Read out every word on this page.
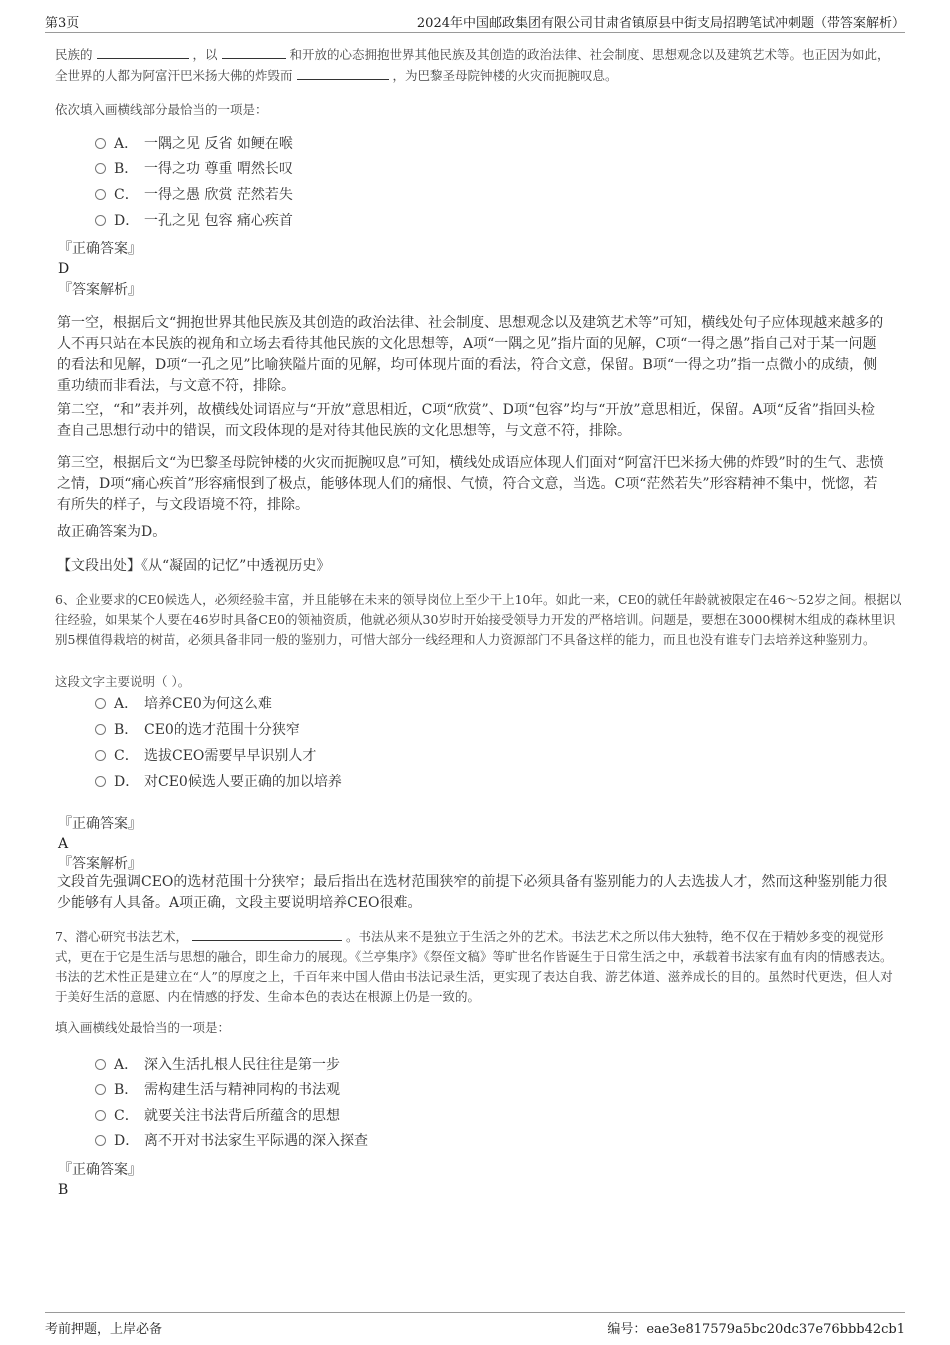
第3页	2024年中国邮政集团有限公司甘肃省镇原县中街支局招聘笔试冲刺题（带答案解析）

民族的	，以	和开放的心态拥抱世界其他民族及其创造的政治法律、社会制度、思想观念以及建筑艺术等。也正因为如此，全世界的人都为阿富汗巴米扬大佛的炸毁而	，为巴黎圣母院钟楼的火灾而扼腕叹息。

依次填入画横线部分最恰当的一项是：

A． 一隅之见 反省 如鲠在喉
B． 一得之功 尊重 喟然长叹
C． 一得之愚 欣赏 茫然若失
D． 一孔之见 包容 痛心疾首
『正确答案』
D
『答案解析』

第一空，根据后文“拥抱世界其他民族及其创造的政治法律、社会制度、思想观念以及建筑艺术等”可知，横线处句子应体现越来越多的人不再只站在本民族的视角和立场去看待其他民族的文化思想等，A项“一隅之见”指片面的见解，C项“一得之愚”指自己对于某一问题的看法和见解，D项“一孔之见”比喻狭隘片面的见解，均可体现片面的看法，符合文意，保留。B项“一得之功”指一点微小的成绩，侧重功绩而非看法，与文意不符，排除。

第二空，“和”表并列，故横线处词语应与“开放”意思相近，C项“欣赏”、D项“包容”均与“开放”意思相近，保留。A项“反省”指回头检查自己思想行动中的错误，而文段体现的是对待其他民族的文化思想等，与文意不符，排除。

第三空，根据后文“为巴黎圣母院钟楼的火灾而扼腕叹息”可知，横线处成语应体现人们面对“阿富汗巴米扬大佛的炸毁”时的生气、悲愤之情，D项“痛心疾首”形容痛恨到了极点，能够体现人们的痛恨、气愤，符合文意，当选。C项“茫然若失”形容精神不集中，恍惚，若有所失的样子，与文段语境不符，排除。

故正确答案为D。

【文段出处】《从“凝固的记忆”中透视历史》

6、企业要求的CE0候选人，必须经验丰富，并且能够在未来的领导岗位上至少干上10年。如此一来，CE0的就任年龄就被限定在46～52岁之间。根据以往经验，如果某个人要在46岁时具备CE0的领袖资质，他就必须从30岁时开始接受领导力开发的严格培训。问题是，要想在3000棵树木组成的森林里识别5棵值得栽培的树苗，必须具备非同一般的鉴别力，可惜大部分一线经理和人力资源部门不具备这样的能力，而且也没有谁专门去培养这种鉴别力。

这段文字主要说明（ ）。

A． 培养CE0为何这么难
B． CE0的选才范围十分狭窄
C． 选拔CEO需要早早识别人才
D． 对CE0候选人要正确的加以培养
『正确答案』
A
『答案解析』

文段首先强调CEO的选材范围十分狭窄；最后指出在选材范围狭窄的前提下必须具备有鉴别能力的人去选拔人才，然而这种鉴别能力很少能够有人具备。A项正确，文段主要说明培养CEO很难。

7、潜心研究书法艺术，	。书法从来不是独立于生活之外的艺术。书法艺术之所以伟大独特，绝不仅在于精妙多变的视觉形式，更在于它是生活与思想的融合，即生命力的展现。《兰亭集序》《祭侄文稿》等旷世名作皆诞生于日常生活之中，承载着书法家有血有肉的情感表达。书法的艺术性正是建立在“人”的厚度之上，千百年来中国人借由书法记录生活，更实现了表达自我、游艺体道、滋养成长的目的。虽然时代更迭，但人对于美好生活的意愿、内在情感的抒发、生命本色的表达在根源上仍是一致的。

填入画横线处最恰当的一项是：

A． 深入生活扎根人民往往是第一步
B． 需构建生活与精神同构的书法观
C． 就要关注书法背后所蕴含的思想
D． 离不开对书法家生平际遇的深入探查
『正确答案』
B
考前押题，上岸必备	编号：eae3e817579a5bc20dc37e76bbb42cb1
